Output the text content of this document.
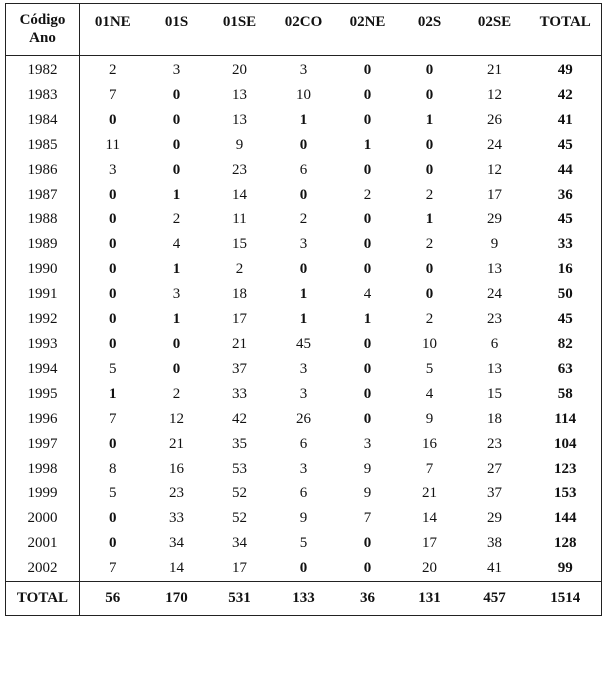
Código
Ano	01NE	01S	01SE	02CO	02NE	02S	02SE	TOTAL
1982	2	3	20	3	0	0	21	49
1983	7	0	13	10	0	0	12	42
1984	0	0	13	1	0	1	26	41
1985	11	0	9	0	1	0	24	45
1986	3	0	23	6	0	0	12	44
1987	0	1	14	0	2	2	17	36
1988	0	2	11	2	0	1	29	45
1989	0	4	15	3	0	2	9	33
1990	0	1	2	0	0	0	13	16
1991	0	3	18	1	4	0	24	50
1992	0	1	17	1	1	2	23	45
1993	0	0	21	45	0	10	6	82
1994	5	0	37	3	0	5	13	63
1995	1	2	33	3	0	4	15	58
1996	7	12	42	26	0	9	18	114
1997	0	21	35	6	3	16	23	104
1998	8	16	53	3	9	7	27	123
1999	5	23	52	6	9	21	37	153
2000	0	33	52	9	7	14	29	144
2001	0	34	34	5	0	17	38	128
2002	7	14	17	0	0	20	41	99
TOTAL	56	170	531	133	36	131	457	1514
